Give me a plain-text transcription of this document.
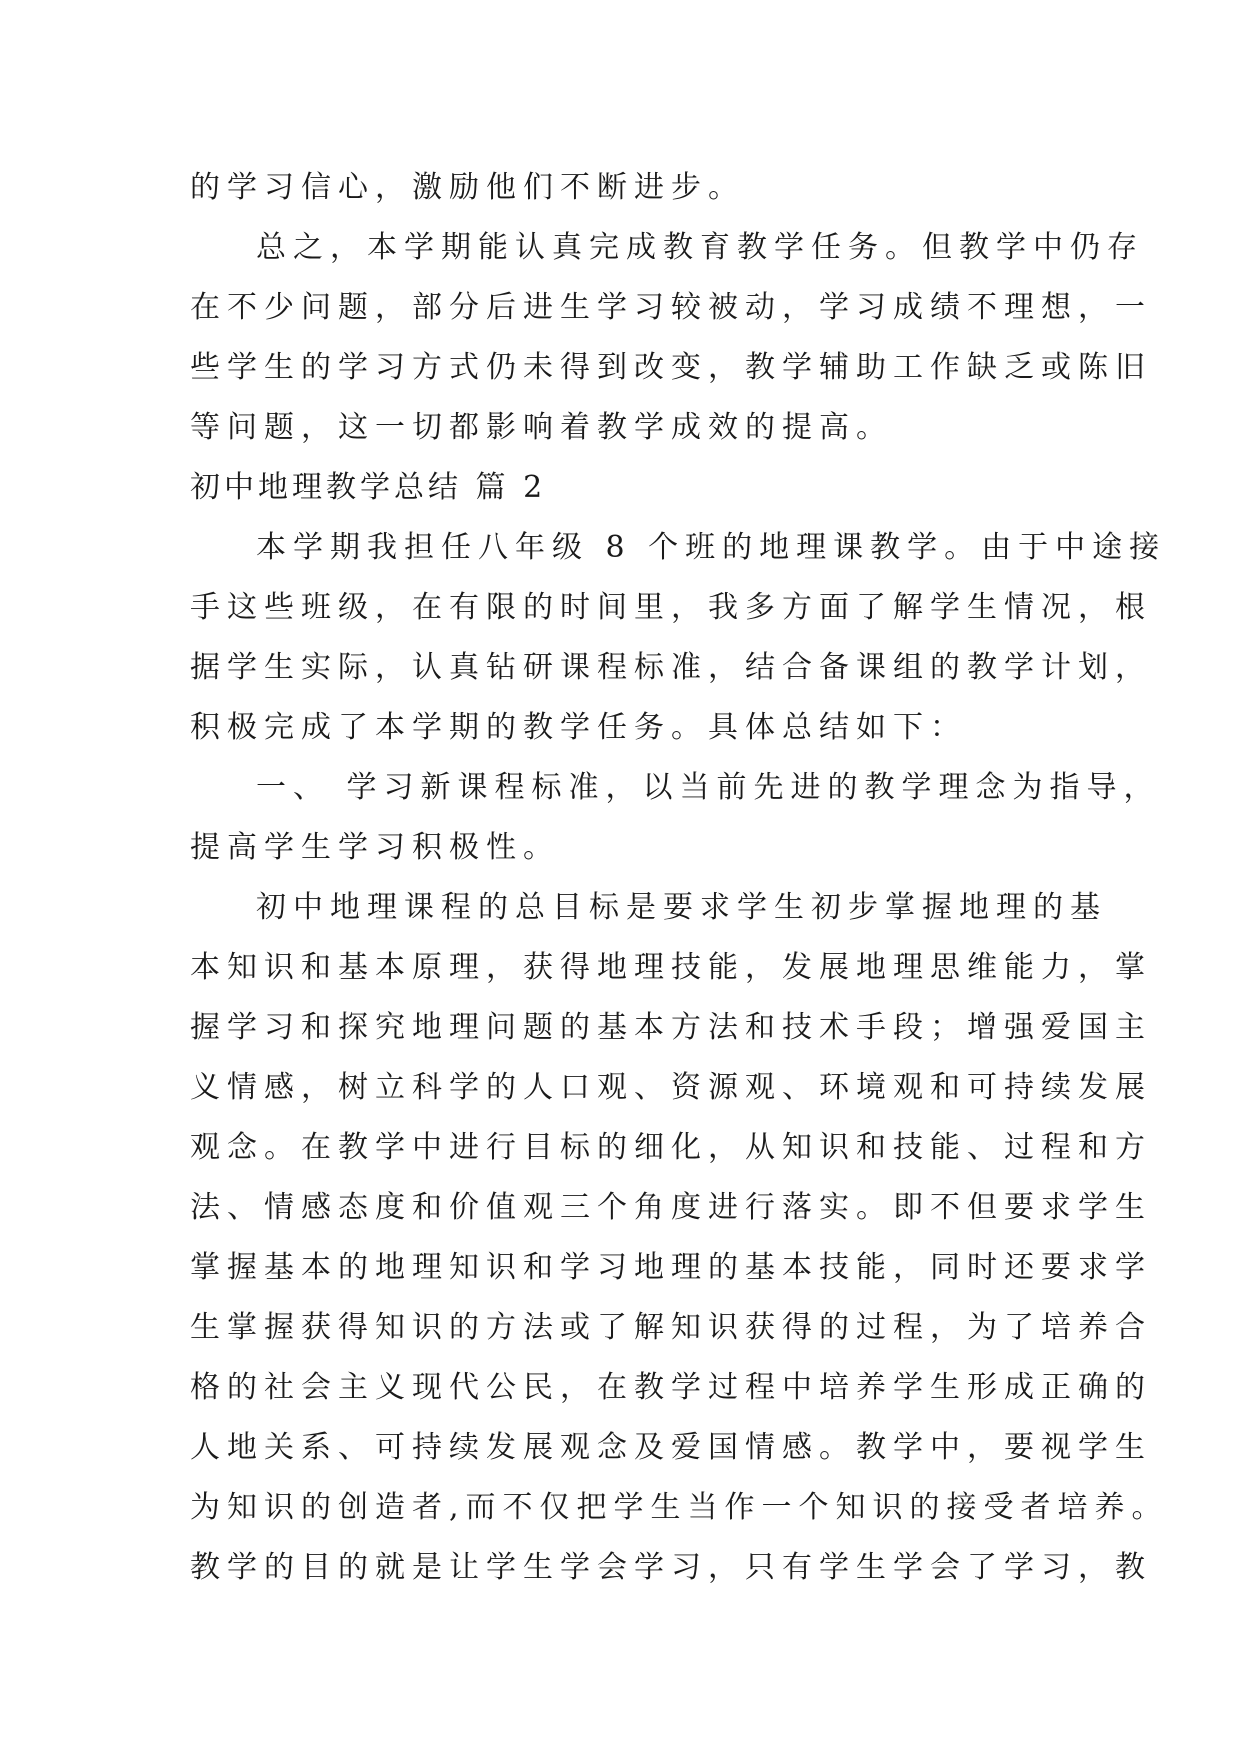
的学习信心，激励他们不断进步。
总之，本学期能认真完成教育教学任务。但教学中仍存
在不少问题，部分后进生学习较被动，学习成绩不理想，一
些学生的学习方式仍未得到改变，教学辅助工作缺乏或陈旧
等问题，这一切都影响着教学成效的提高。
初中地理教学总结 篇 2
本学期我担任八年级 8 个班的地理课教学。由于中途接
手这些班级，在有限的时间里，我多方面了解学生情况，根
据学生实际，认真钻研课程标准，结合备课组的教学计划，
积极完成了本学期的教学任务。具体总结如下：
一、 学习新课程标准，以当前先进的教学理念为指导，
提高学生学习积极性。
初中地理课程的总目标是要求学生初步掌握地理的基
本知识和基本原理，获得地理技能，发展地理思维能力，掌
握学习和探究地理问题的基本方法和技术手段；增强爱国主
义情感，树立科学的人口观、资源观、环境观和可持续发展
观念。在教学中进行目标的细化，从知识和技能、过程和方
法、情感态度和价值观三个角度进行落实。即不但要求学生
掌握基本的地理知识和学习地理的基本技能，同时还要求学
生掌握获得知识的方法或了解知识获得的过程，为了培养合
格的社会主义现代公民，在教学过程中培养学生形成正确的
人地关系、可持续发展观念及爱国情感。教学中，要视学生
为知识的创造者,而不仅把学生当作一个知识的接受者培养。
教学的目的就是让学生学会学习，只有学生学会了学习，教
